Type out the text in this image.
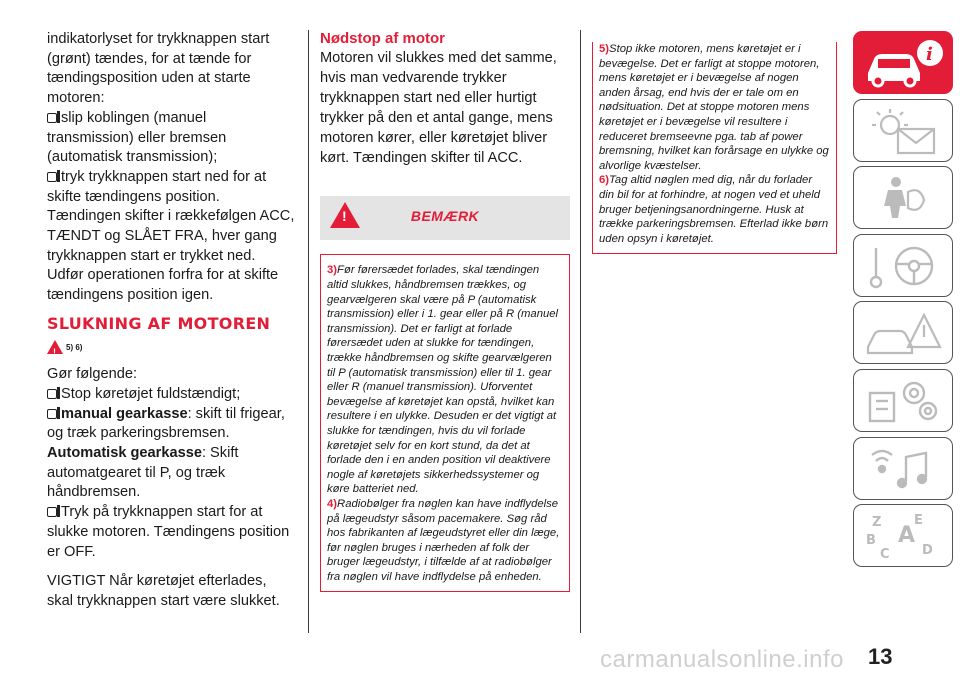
indikatorlyset for trykknappen start (grønt) tændes, for at tænde for tændingsposition uden at starte motoren:

slip koblingen (manuel transmission) eller bremsen (automatisk transmission);

tryk trykknappen start ned for at skifte tændingens position. Tændingen skifter i rækkefølgen ACC, TÆNDT og SLÅET FRA, hver gang trykknappen start er trykket ned. Udfør operationen forfra for at skifte tændingens position igen.

SLUKNING AF MOTOREN

!
5) 6)

Gør følgende:

Stop køretøjet fuldstændigt;

manual gearkasse: skift til frigear, og træk parkeringsbremsen.

Automatisk gearkasse: Skift automatgearet til P, og træk håndbremsen.

Tryk på trykknappen start for at slukke motoren. Tændingens position er OFF.

VIGTIGT Når køretøjet efterlades, skal trykknappen start være slukket.

Nødstop af motor

Motoren vil slukkes med det samme, hvis man vedvarende trykker trykknappen start ned eller hurtigt trykker på den et antal gange, mens motoren kører, eller køretøjet bliver kørt. Tændingen skifter til ACC.

!	BEMÆRK

3)Før førersædet forlades, skal tændingen altid slukkes, håndbremsen trækkes, og gearvælgeren skal være på P (automatisk transmission) eller i 1. gear eller på R (manuel transmission). Det er farligt at forlade førersædet uden at slukke for tændingen, trække håndbremsen og skifte gearvælgeren til P (automatisk transmission) eller til 1. gear eller R (manuel transmission). Uforventet bevægelse af køretøjet kan opstå, hvilket kan resultere i en ulykke. Desuden er det vigtigt at slukke for tændingen, hvis du vil forlade køretøjet selv for en kort stund, da det at forlade den i en anden position vil deaktivere nogle af køretøjets sikkerhedssystemer og køre batteriet ned.

4)Radiobølger fra nøglen kan have indflydelse på lægeudstyr såsom pacemakere. Søg råd hos fabrikanten af lægeudstyret eller din læge, før nøglen bruges i nærheden af folk der bruger lægeudstyr, i tilfælde af at radiobølger fra nøglen vil have indflydelse på enheden.

5)Stop ikke motoren, mens køretøjet er i bevægelse. Det er farligt at stoppe motoren, mens køretøjet er i bevægelse af nogen anden årsag, end hvis der er tale om en nødsituation. Det at stoppe motoren mens køretøjet er i bevægelse vil resultere i reduceret bremseevne pga. tab af power bremsning, hvilket kan forårsage en ulykke og alvorlige kvæstelser.

6)Tag altid nøglen med dig, når du forlader din bil for at forhindre, at nogen ved et uheld bruger betjeningsanordningerne. Husk at trække parkeringsbremsen. Efterlad ikke børn uden opsyn i køretøjet.

i
Z	E
B A
C D
13
carmanualsonline.info
